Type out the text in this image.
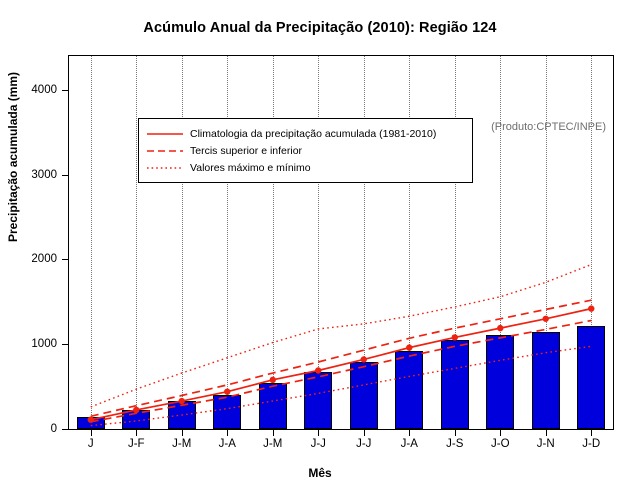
Acúmulo Anual da Precipitação (2010): Região 124
Precipitação acumulada (mm)
Mês
0
1000
2000
3000
4000
J	J-F J-M J-A J-M J-J	J-J	J-A J-S J-O J-N J-D
(Produto:CPTEC/INPE)
Climatologia da precipitação acumulada (1981-2010)
Tercis superior e inferior
Valores máximo e mínimo
